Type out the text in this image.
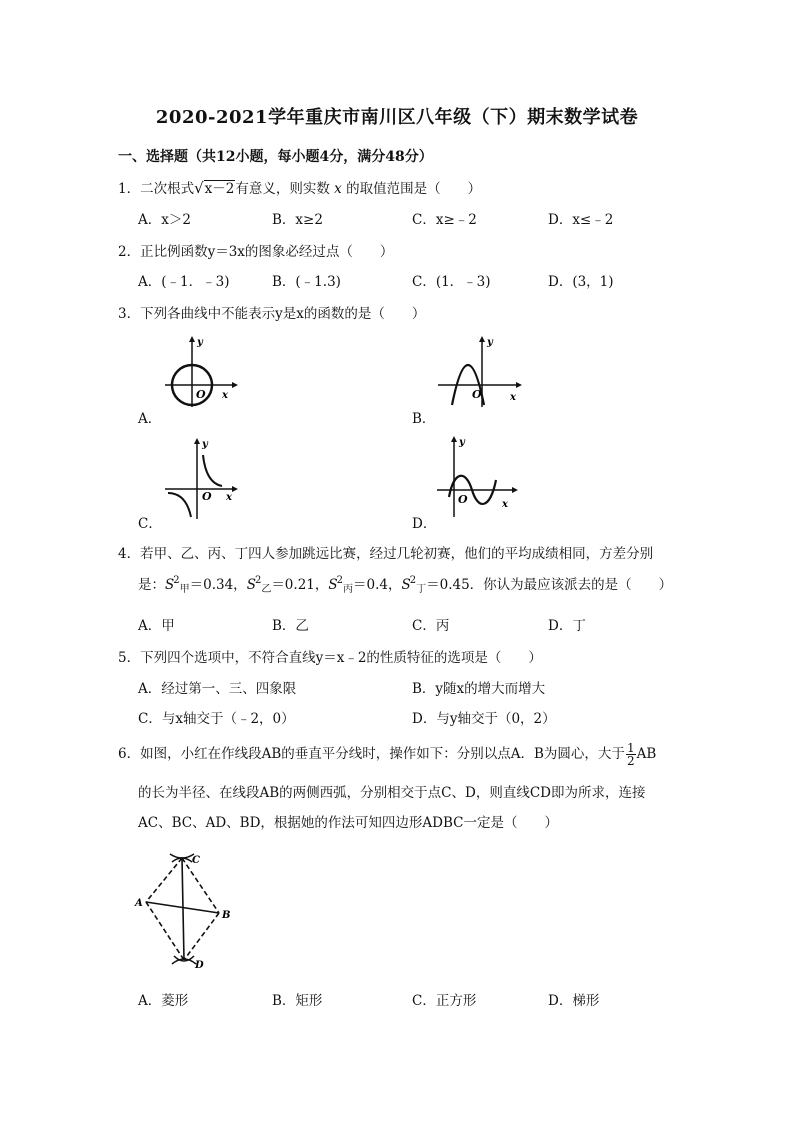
2020-2021学年重庆市南川区八年级（下）期末数学试卷
一、选择题（共12小题，每小题4分，满分48分）
1．二次根式√x－2有意义，则实数 x 的取值范围是（　　）
A．x＞2	B．x≥2	C．x≥﹣2	D．x≤﹣2
2．正比例函数y＝3x的图象必经过点（　　）
A．(﹣1．﹣3)	B．(﹣1.3)	C．(1．﹣3)	D．(3，1)
3．下列各曲线中不能表示y是x的函数的是（　　）
y
x
O
A．
y
x
O
B．
y
x
O
C．
y
x
O
D．
4．若甲、乙、丙、丁四人参加跳远比赛，经过几轮初赛，他们的平均成绩相同，方差分别
是：$S^2_甲=0.34$，$S^2_乙=0.21$，$S^2_丙=0.4$，$S^2_丁=0.45$．你认为最应该派去的是（　　）
A．甲	B．乙	C．丙	D．丁
5．下列四个选项中，不符合直线y＝x﹣2的性质特征的选项是（　　）
A．经过第一、三、四象限	B．y随x的增大而增大
C．与x轴交于（﹣2，0）	D．与y轴交于（0，2）
6．如图，小红在作线段AB的垂直平分线时，操作如下：分别以点A．B为圆心，大于 $\frac{1}{2}$ AB
的长为半径、在线段AB的两侧西弧，分别相交于点C、D，则直线CD即为所求，连接
AC、BC、AD、BD，根据她的作法可知四边形ADBC一定是（　　）
C
A
B
D
A．菱形	B．矩形	C．正方形	D．梯形
